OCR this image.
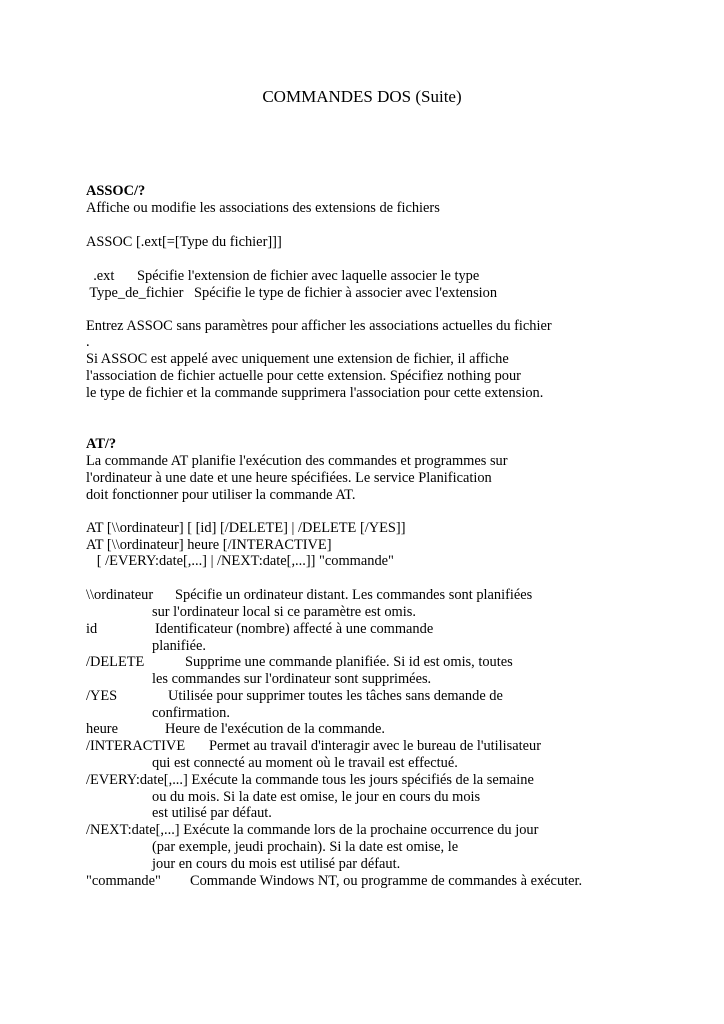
COMMANDES DOS (Suite)
ASSOC/?
Affiche ou modifie les associations des extensions de fichiers
ASSOC [.ext[=[Type du fichier]]]
.ext Spécifie l'extension de fichier avec laquelle associer le type
Type_de_fichier Spécifie le type de fichier à associer avec l'extension
Entrez ASSOC sans paramètres pour afficher les associations actuelles du fichier
.
Si ASSOC est appelé avec uniquement une extension de fichier, il affiche
l'association de fichier actuelle pour cette extension. Spécifiez nothing pour
le type de fichier et la commande supprimera l'association pour cette extension.
AT/?
La commande AT planifie l'exécution des commandes et programmes sur
l'ordinateur à une date et une heure spécifiées. Le service Planification
doit fonctionner pour utiliser la commande AT.
AT [\\ordinateur] [ [id] [/DELETE] | /DELETE [/YES]]
AT [\\ordinateur] heure [/INTERACTIVE]
[ /EVERY:date[,...] | /NEXT:date[,...]] "commande"
\\ordinateur Spécifie un ordinateur distant. Les commandes sont planifiées
sur l'ordinateur local si ce paramètre est omis.
id	Identificateur (nombre) affecté à une commande
planifiée.
/DELETE	Supprime une commande planifiée. Si id est omis, toutes
les commandes sur l'ordinateur sont supprimées.
/YES	Utilisée pour supprimer toutes les tâches sans demande de
confirmation.
heure	Heure de l'exécution de la commande.
/INTERACTIVE Permet au travail d'interagir avec le bureau de l'utilisateur
qui est connecté au moment où le travail est effectué.
/EVERY:date[,...] Exécute la commande tous les jours spécifiés de la semaine
ou du mois. Si la date est omise, le jour en cours du mois
est utilisé par défaut.
/NEXT:date[,...] Exécute la commande lors de la prochaine occurrence du jour
(par exemple, jeudi prochain). Si la date est omise, le
jour en cours du mois est utilisé par défaut.
"commande" Commande Windows NT, ou programme de commandes à exécuter.
